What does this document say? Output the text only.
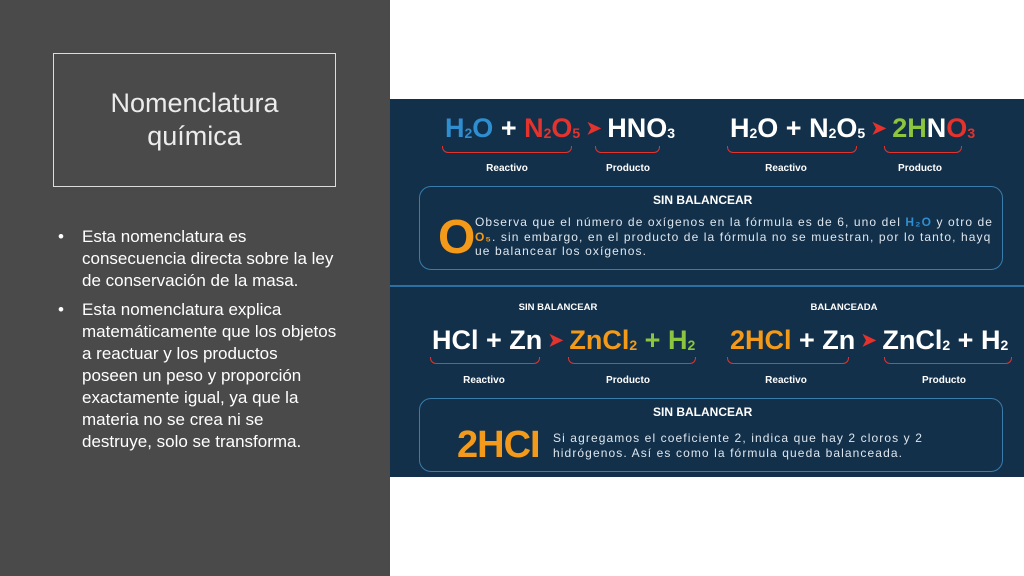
Nomenclatura química
• Esta nomenclatura es consecuencia directa sobre la ley de conservación de la masa.
• Esta nomenclatura explica matemáticamente que los objetos a reactuar y los productos poseen un peso y proporción exactamente igual, ya que la materia no se crea ni se destruye, solo se transforma.
$H_2O + N_2O_5$ ➤ $HNO_3$
Reactivo	Producto
$H_2O + N_2O_5$ ➤ $2HNO_3$
Reactivo	Producto
SIN BALANCEAR
O Observa que el número de oxígenos en la fórmula es de 6, uno del H₂O y otro de O₅. sin embargo, en el producto de la fórmula no se muestran, por lo tanto, hayq ue balancear los oxígenos.
SIN BALANCEAR	BALANCEADA
HCl + Zn ➤ ZnCl$_2$ + $H_2$
Reactivo	Producto
2HCl + Zn ➤ ZnCl$_2$ + $H_2$
Reactivo	Producto
SIN BALANCEAR
2HCI Si agregamos el coeficiente 2, indica que hay 2 cloros y 2 hidrógenos. Así es como la fórmula queda balanceada.
